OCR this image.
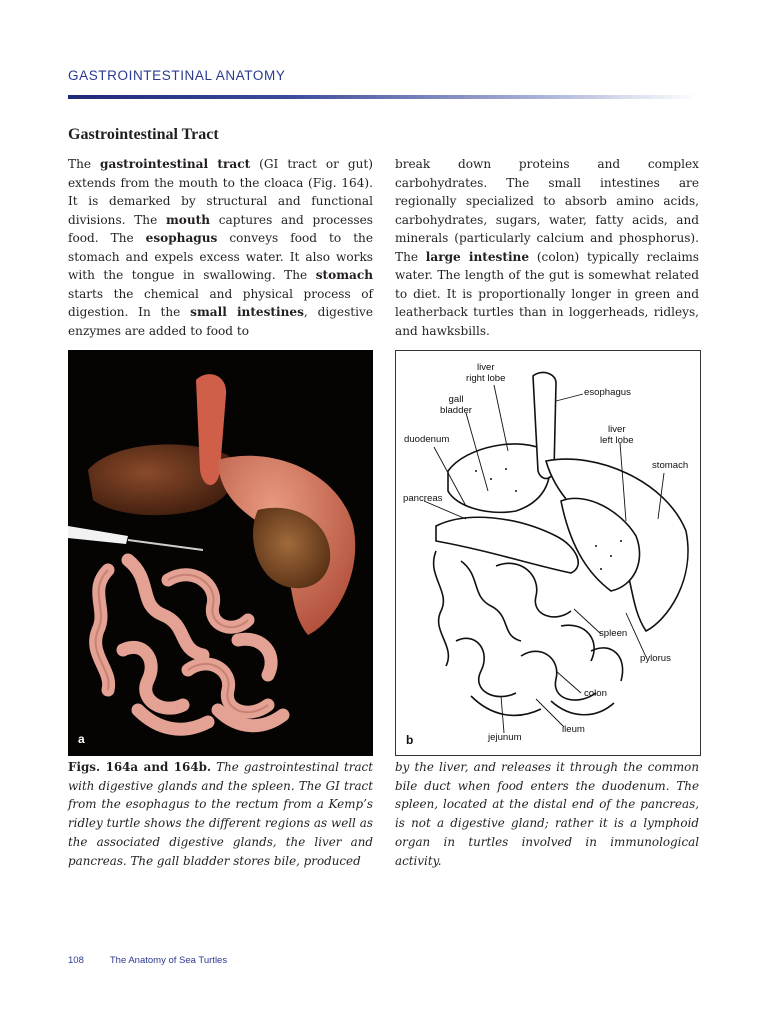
GASTROINTESTINAL ANATOMY
Gastrointestinal Tract

The gastrointestinal tract (GI tract or gut) extends from the mouth to the cloaca (Fig. 164). It is demarked by structural and functional divisions. The mouth captures and processes food. The esophagus conveys food to the stomach and expels excess water. It also works with the tongue in swallowing. The stomach starts the chemical and physical process of digestion. In the small intestines, digestive enzymes are added to food to

break down proteins and complex carbohydrates. The small intestines are regionally specialized to absorb amino acids, carbohydrates, sugars, water, fatty acids, and minerals (particularly calcium and phosphorus). The large intestine (colon) typically reclaims water. The length of the gut is somewhat related to diet. It is proportionally longer in green and leatherback turtles than in loggerheads, ridleys, and hawksbills.

a
liver
right lobe
gall
bladder
esophagus
duodenum
liver
left lobe
stomach
pancreas
spleen
pylorus
colon
ileum
jejunum
b

Figs. 164a and 164b. The gastrointestinal tract with digestive glands and the spleen. The GI tract from the esophagus to the rectum from a Kemp’s ridley turtle shows the different regions as well as the associated digestive glands, the liver and pancreas. The gall bladder stores bile, produced

by the liver, and releases it through the common bile duct when food enters the duodenum. The spleen, located at the distal end of the pancreas, is not a digestive gland; rather it is a lymphoid organ in turtles involved in immunological activity.

108	The Anatomy of Sea Turtles
